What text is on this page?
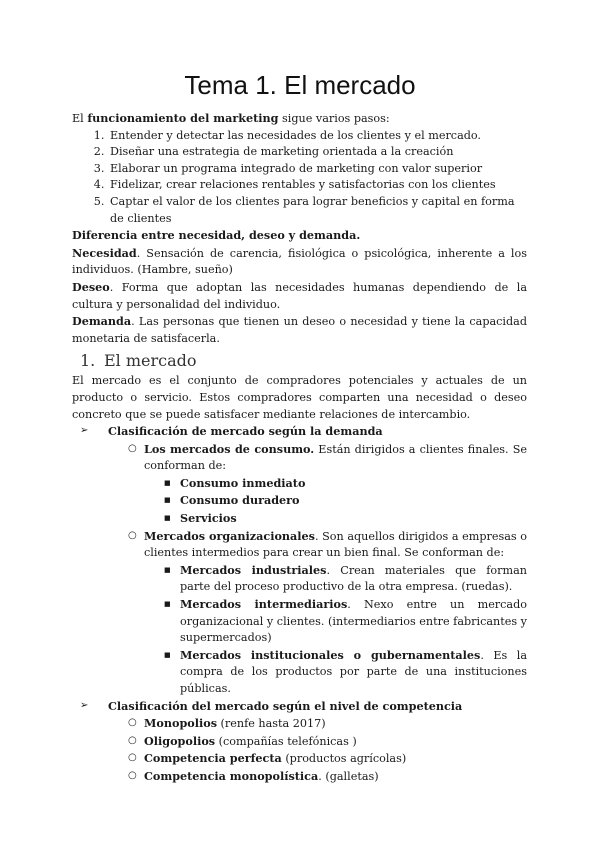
Tema 1. El mercado

El funcionamiento del marketing sigue varios pasos:

1. Entender y detectar las necesidades de los clientes y el mercado.
2. Diseñar una estrategia de marketing orientada a la creación
3. Elaborar un programa integrado de marketing con valor superior
4. Fidelizar, crear relaciones rentables y satisfactorias con los clientes
5. Captar el valor de los clientes para lograr beneficios y capital en forma de clientes

Diferencia entre necesidad, deseo y demanda.

Necesidad. Sensación de carencia, fisiológica o psicológica, inherente a los individuos. (Hambre, sueño)

Deseo. Forma que adoptan las necesidades humanas dependiendo de la cultura y personalidad del individuo.

Demanda. Las personas que tienen un deseo o necesidad y tiene la capacidad monetaria de satisfacerla.

1. El mercado

El mercado es el conjunto de compradores potenciales y actuales de un producto o servicio. Estos compradores comparten una necesidad o deseo concreto que se puede satisfacer mediante relaciones de intercambio.

➢ Clasificación de mercado según la demanda
○ Los mercados de consumo. Están dirigidos a clientes finales. Se conforman de:
■ Consumo inmediato
■ Consumo duradero
■ Servicios
○ Mercados organizacionales. Son aquellos dirigidos a empresas o clientes intermedios para crear un bien final. Se conforman de:
■ Mercados industriales. Crean materiales que forman parte del proceso productivo de la otra empresa. (ruedas).
■ Mercados intermediarios. Nexo entre un mercado organizacional y clientes. (intermediarios entre fabricantes y supermercados)
■ Mercados institucionales o gubernamentales. Es la compra de los productos por parte de una instituciones públicas.
➢ Clasificación del mercado según el nivel de competencia
○ Monopolios (renfe hasta 2017)
○ Oligopolios (compañías telefónicas )
○ Competencia perfecta (productos agrícolas)
○ Competencia monopolística. (galletas)
